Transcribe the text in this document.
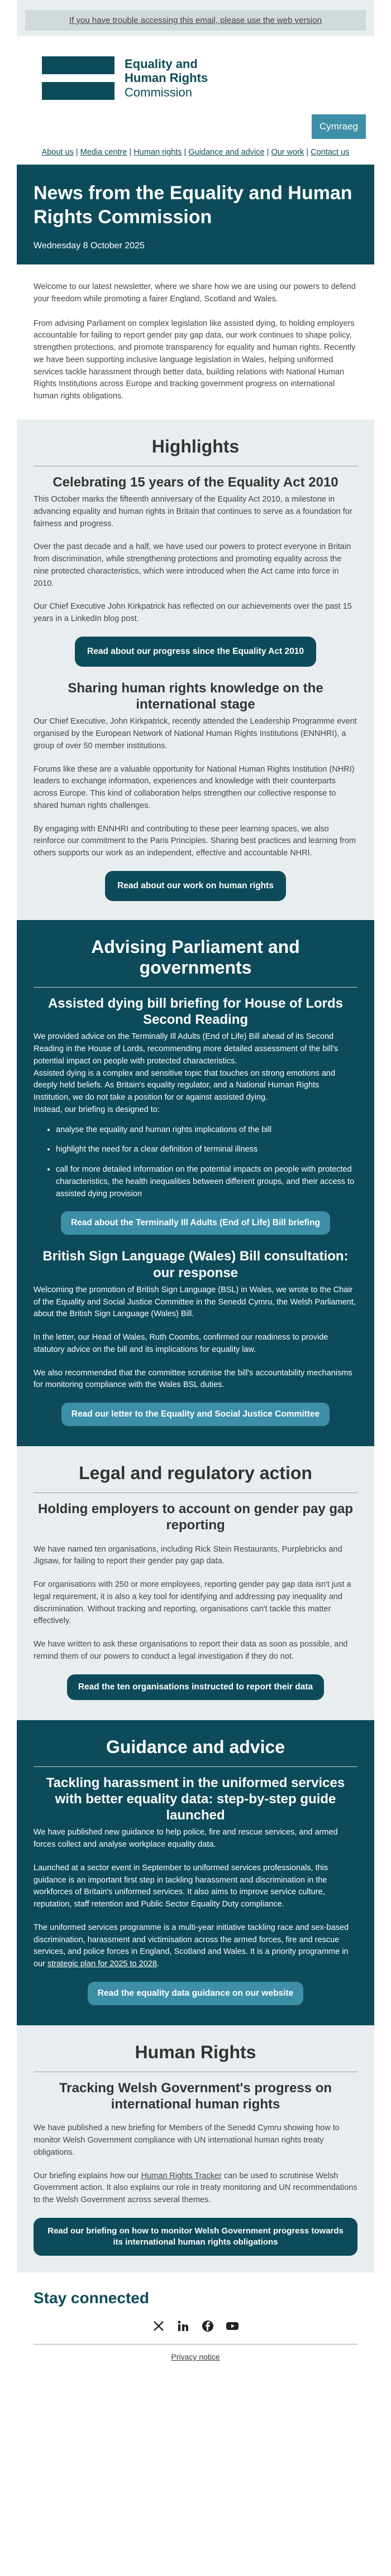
If you have trouble accessing this email, please use the web version
Equality and
Human Rights
Commission
Cymraeg
About us | Media centre | Human rights | Guidance and advice | Our work | Contact us
News from the Equality and Human Rights Commission
Wednesday 8 October 2025

Welcome to our latest newsletter, where we share how we are using our powers to defend your freedom while promoting a fairer England, Scotland and Wales.

From advising Parliament on complex legislation like assisted dying, to holding employers accountable for failing to report gender pay gap data, our work continues to shape policy, strengthen protections, and promote transparency for equality and human rights. Recently we have been supporting inclusive language legislation in Wales, helping uniformed services tackle harassment through better data, building relations with National Human Rights Institutions across Europe and tracking government progress on international human rights obligations.

Highlights
Celebrating 15 years of the Equality Act 2010

This October marks the fifteenth anniversary of the Equality Act 2010, a milestone in advancing equality and human rights in Britain that continues to serve as a foundation for fairness and progress.

Over the past decade and a half, we have used our powers to protect everyone in Britain from discrimination, while strengthening protections and promoting equality across the nine protected characteristics, which were introduced when the Act came into force in 2010.

Our Chief Executive John Kirkpatrick has reflected on our achievements over the past 15 years in a LinkedIn blog post.

Read about our progress since the Equality Act 2010
Sharing human rights knowledge on the international stage

Our Chief Executive, John Kirkpatrick, recently attended the Leadership Programme event organised by the European Network of National Human Rights Institutions (ENNHRI), a group of over 50 member institutions.

Forums like these are a valuable opportunity for National Human Rights Institution (NHRI) leaders to exchange information, experiences and knowledge with their counterparts across Europe. This kind of collaboration helps strengthen our collective response to shared human rights challenges.

By engaging with ENNHRI and contributing to these peer learning spaces, we also reinforce our commitment to the Paris Principles. Sharing best practices and learning from others supports our work as an independent, effective and accountable NHRI.

Read about our work on human rights
Advising Parliament and governments
Assisted dying bill briefing for House of Lords Second Reading

We provided advice on the Terminally Ill Adults (End of Life) Bill ahead of its Second Reading in the House of Lords, recommending more detailed assessment of the bill's potential impact on people with protected characteristics.

Assisted dying is a complex and sensitive topic that touches on strong emotions and deeply held beliefs. As Britain's equality regulator, and a National Human Rights Institution, we do not take a position for or against assisted dying.

Instead, our briefing is designed to:

• analyse the equality and human rights implications of the bill
• highlight the need for a clear definition of terminal illness
• call for more detailed information on the potential impacts on people with protected characteristics, the health inequalities between different groups, and their access to assisted dying provision
Read about the Terminally Ill Adults (End of Life) Bill briefing
British Sign Language (Wales) Bill consultation: our response

Welcoming the promotion of British Sign Language (BSL) in Wales, we wrote to the Chair of the Equality and Social Justice Committee in the Senedd Cymru, the Welsh Parliament, about the British Sign Language (Wales) Bill.

In the letter, our Head of Wales, Ruth Coombs, confirmed our readiness to provide statutory advice on the bill and its implications for equality law.

We also recommended that the committee scrutinise the bill's accountability mechanisms for monitoring compliance with the Wales BSL duties.

Read our letter to the Equality and Social Justice Committee
Legal and regulatory action
Holding employers to account on gender pay gap reporting

We have named ten organisations, including Rick Stein Restaurants, Purplebricks and Jigsaw, for failing to report their gender pay gap data.

For organisations with 250 or more employees, reporting gender pay gap data isn't just a legal requirement, it is also a key tool for identifying and addressing pay inequality and discrimination. Without tracking and reporting, organisations can't tackle this matter effectively.

We have written to ask these organisations to report their data as soon as possible, and remind them of our powers to conduct a legal investigation if they do not.

Read the ten organisations instructed to report their data
Guidance and advice
Tackling harassment in the uniformed services with better equality data: step-by-step guide launched

We have published new guidance to help police, fire and rescue services, and armed forces collect and analyse workplace equality data.

Launched at a sector event in September to uniformed services professionals, this guidance is an important first step in tackling harassment and discrimination in the workforces of Britain's uniformed services. It also aims to improve service culture, reputation, staff retention and Public Sector Equality Duty compliance.

The uniformed services programme is a multi-year initiative tackling race and sex-based discrimination, harassment and victimisation across the armed forces, fire and rescue services, and police forces in England, Scotland and Wales. It is a priority programme in our strategic plan for 2025 to 2028.

Read the equality data guidance on our website
Human Rights
Tracking Welsh Government's progress on international human rights

We have published a new briefing for Members of the Senedd Cymru showing how to monitor Welsh Government compliance with UN international human rights treaty obligations.

Our briefing explains how our Human Rights Tracker can be used to scrutinise Welsh Government action. It also explains our role in treaty monitoring and UN recommendations to the Welsh Government across several themes.

Read our briefing on how to monitor Welsh Government progress towards its international human rights obligations
Stay connected
Privacy notice
